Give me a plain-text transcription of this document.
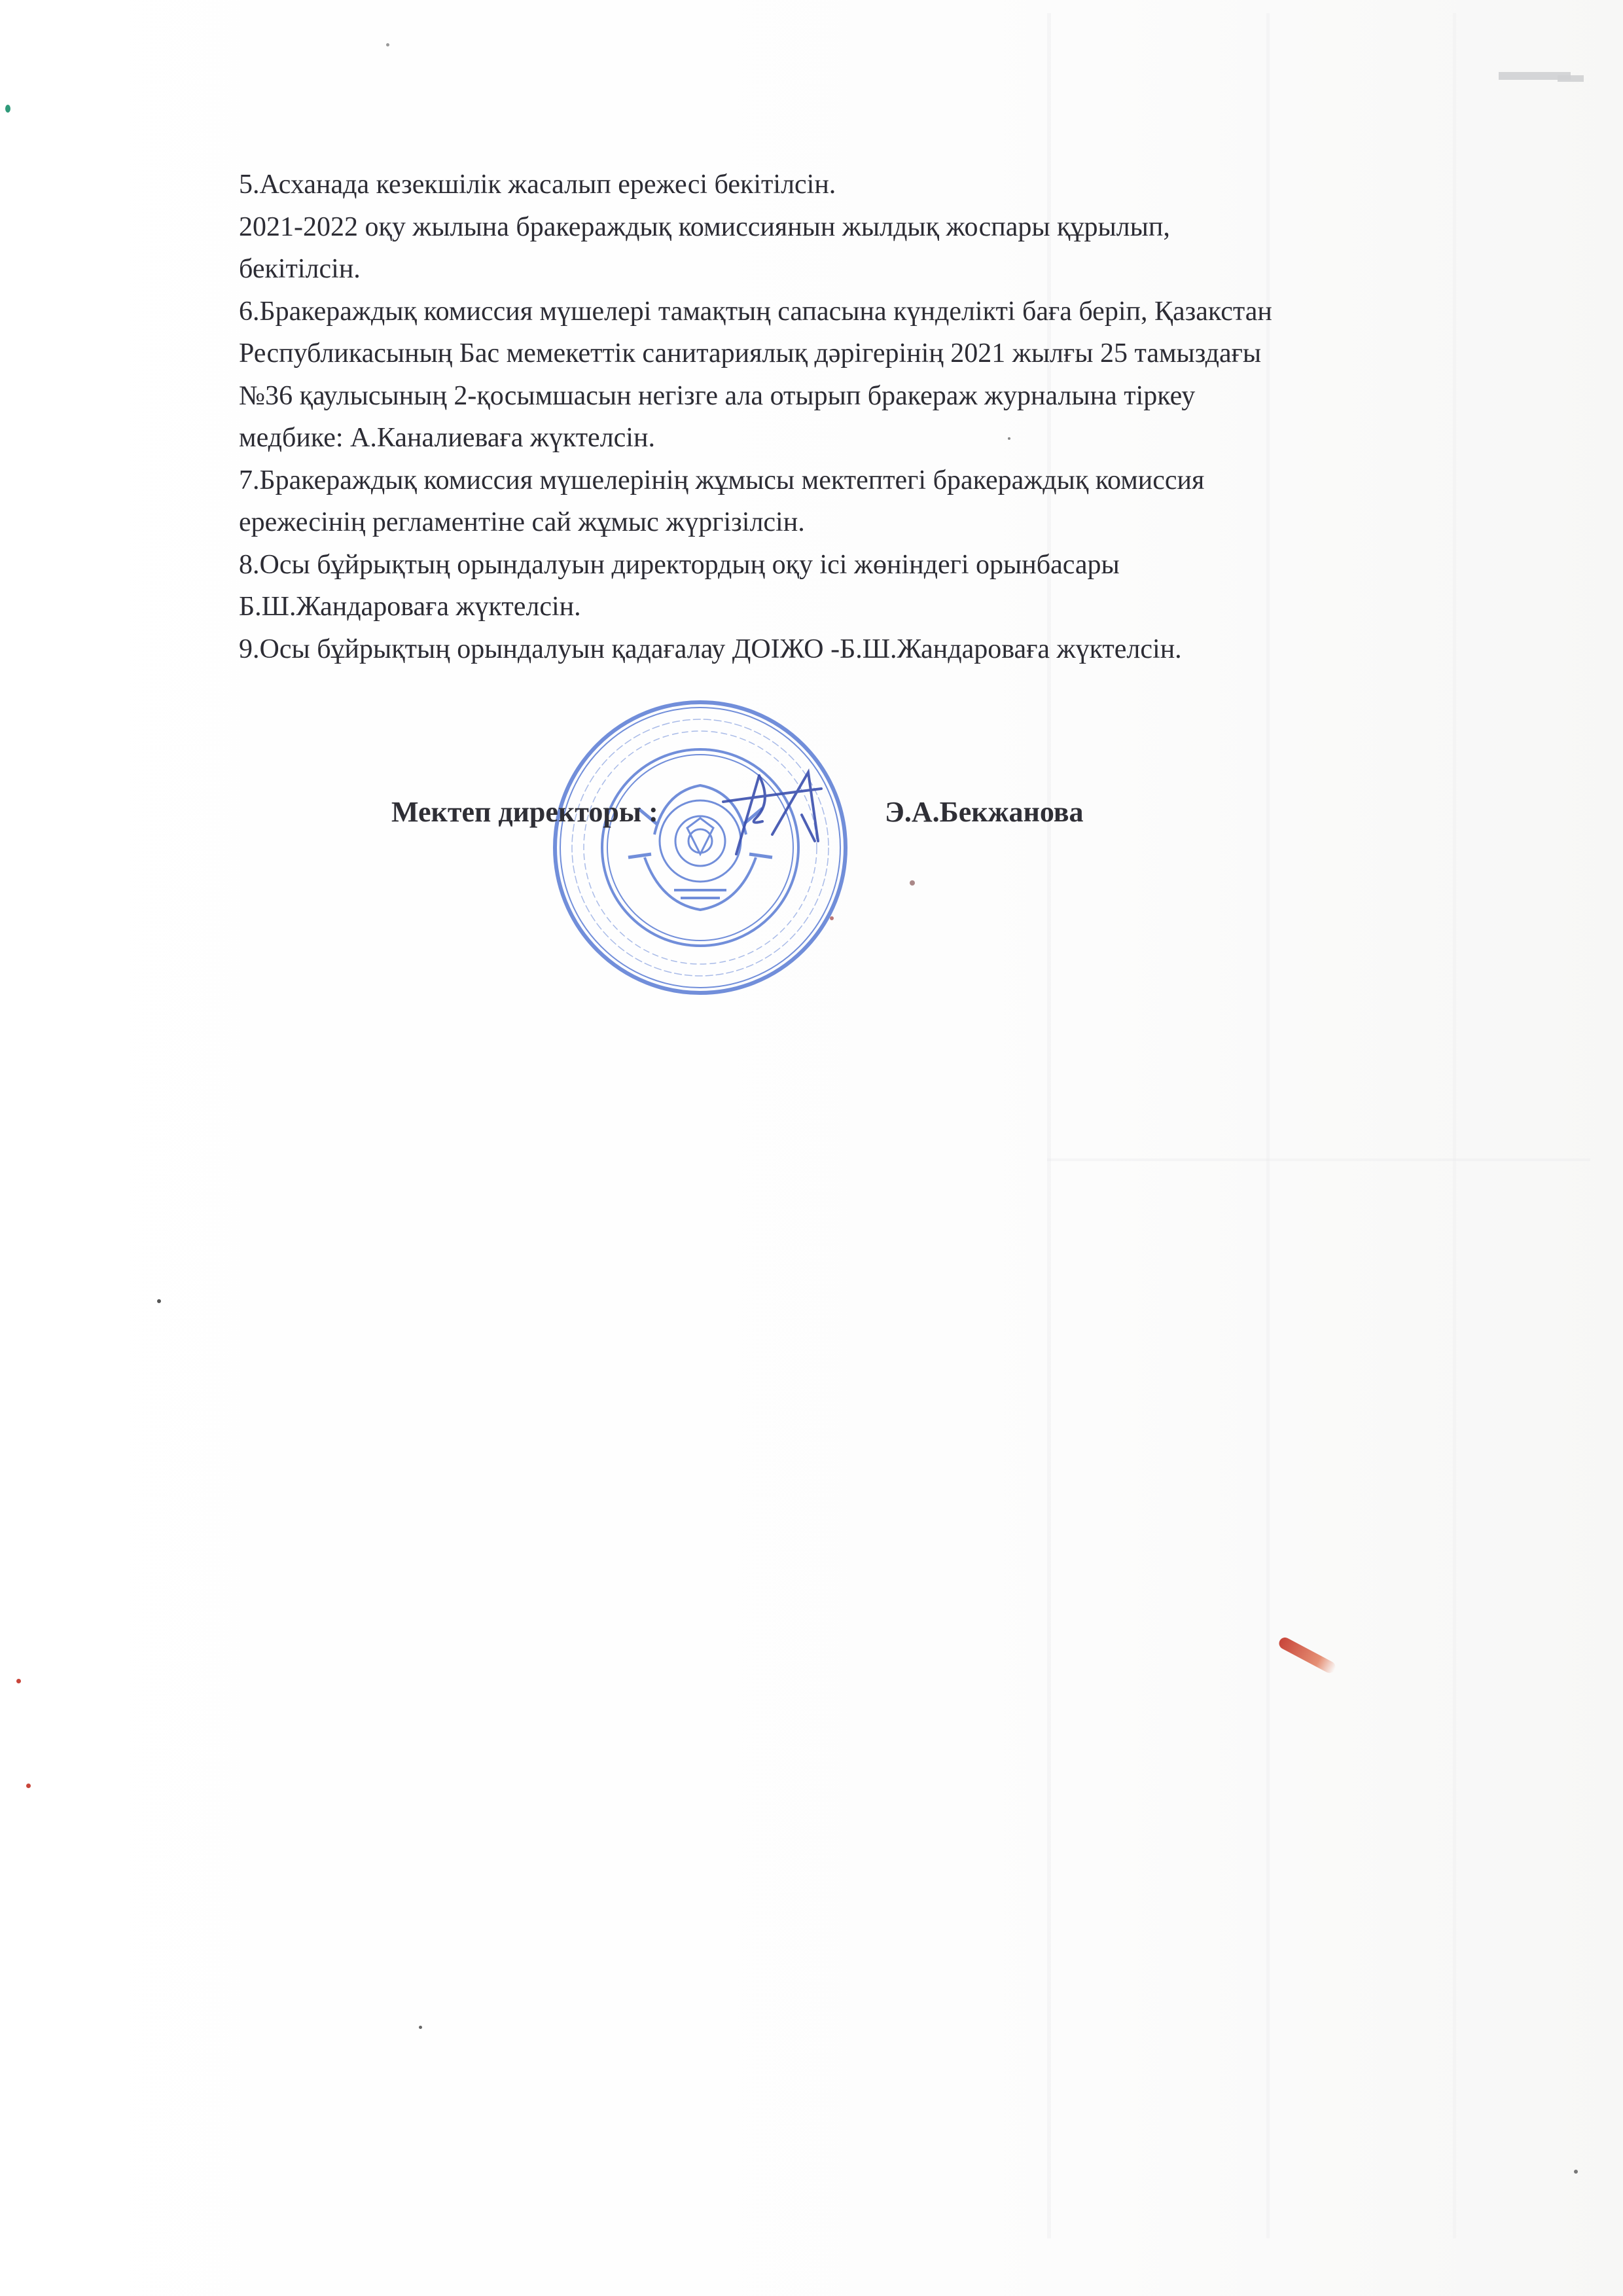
5.Асханада кезекшілік жасалып ережесі бекітілсін.
2021-2022 оқу жылына бракераждық комиссиянын жылдық жоспары құрылып,
бекітілсін.
6.Бракераждық комиссия мүшелері тамақтың сапасына күнделікті баға беріп, Қазакстан
Республикасының Бас мемекеттік санитариялық дәрігерінің 2021 жылғы 25 тамыздағы
№36 қаулысының 2-қосымшасын негізге ала отырып бракераж журналына тіркеу
медбике: А.Каналиеваға жүктелсін.
7.Бракераждық комиссия мүшелерінің жұмысы мектептегі бракераждық комиссия
ережесінің регламентіне сай жұмыс жүргізілсін.
8.Осы бұйрықтың орындалуын директордың оқу ісі жөніндегі орынбасары
Б.Ш.Жандароваға жүктелсін.
9.Осы бұйрықтың орындалуын қадағалау ДОІЖО -Б.Ш.Жандароваға жүктелсін.
Мектеп директоры :	Э.А.Бекжанова
